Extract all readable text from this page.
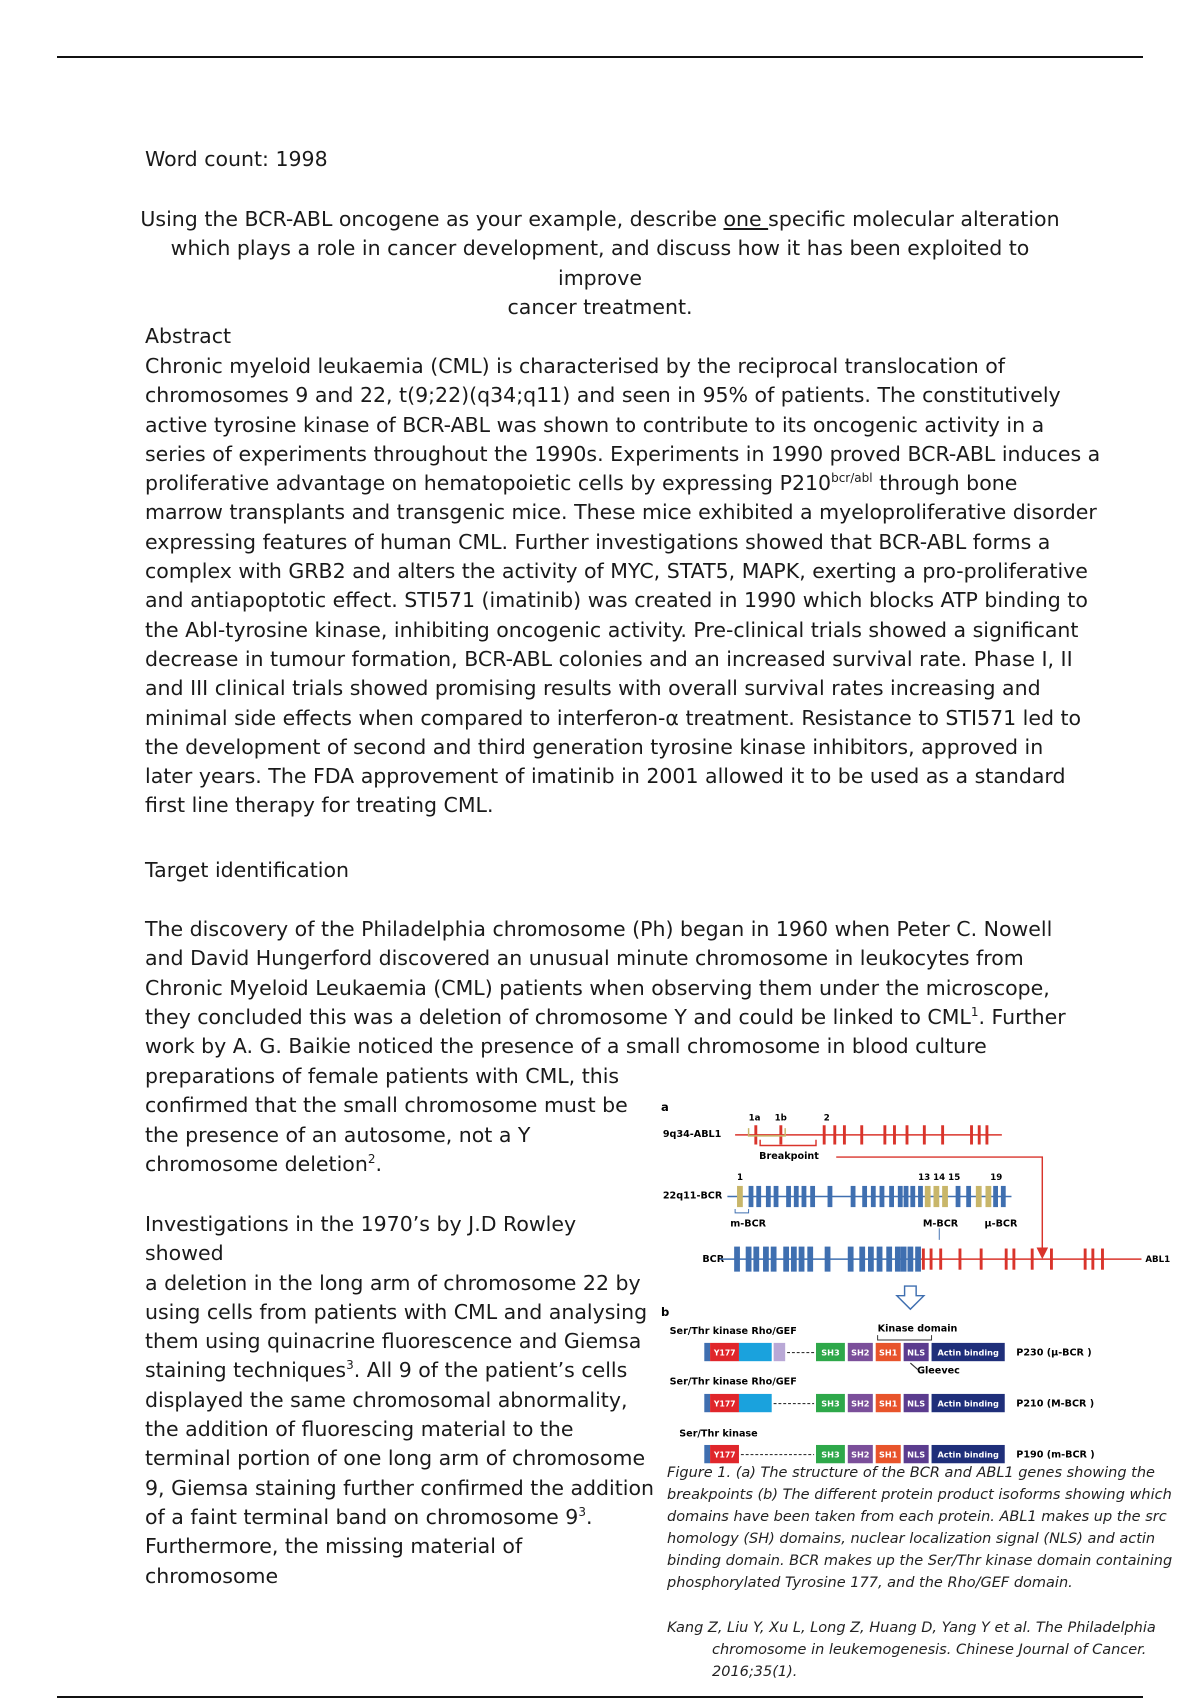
Word count: 1998
Using the BCR-ABL oncogene as your example, describe one specific molecular alteration
which plays a role in cancer development, and discuss how it has been exploited to improve
cancer treatment.
Abstract
Chronic myeloid leukaemia (CML) is characterised by the reciprocal translocation of
chromosomes 9 and 22, t(9;22)(q34;q11) and seen in 95% of patients. The constitutively
active tyrosine kinase of BCR-ABL was shown to contribute to its oncogenic activity in a
series of experiments throughout the 1990s. Experiments in 1990 proved BCR-ABL induces a
proliferative advantage on hematopoietic cells by expressing $P210^{bcr/abl}$ through bone
marrow transplants and transgenic mice. These mice exhibited a myeloproliferative disorder
expressing features of human CML. Further investigations showed that BCR-ABL forms a
complex with GRB2 and alters the activity of MYC, STAT5, MAPK, exerting a pro-proliferative
and antiapoptotic effect. STI571 (imatinib) was created in 1990 which blocks ATP binding to
the Abl-tyrosine kinase, inhibiting oncogenic activity. Pre-clinical trials showed a significant
decrease in tumour formation, BCR-ABL colonies and an increased survival rate. Phase I, II
and III clinical trials showed promising results with overall survival rates increasing and
minimal side effects when compared to interferon-α treatment. Resistance to STI571 led to
the development of second and third generation tyrosine kinase inhibitors, approved in
later years. The FDA approvement of imatinib in 2001 allowed it to be used as a standard
first line therapy for treating CML.
Target identification
The discovery of the Philadelphia chromosome (Ph) began in 1960 when Peter C. Nowell
and David Hungerford discovered an unusual minute chromosome in leukocytes from
Chronic Myeloid Leukaemia (CML) patients when observing them under the microscope,
they concluded this was a deletion of chromosome Y and could be linked to CML$^1$. Further
work by A. G. Baikie noticed the presence of a small chromosome in blood culture
preparations of female patients with CML, this
confirmed that the small chromosome must be
the presence of an autosome, not a Y
chromosome deletion$^2$.
Investigations in the 1970’s by J.D Rowley showed
a deletion in the long arm of chromosome 22 by
using cells from patients with CML and analysing
them using quinacrine fluorescence and Giemsa
staining techniques$^3$. All 9 of the patient’s cells
displayed the same chromosomal abnormality,
the addition of fluorescing material to the
terminal portion of one long arm of chromosome
9, Giemsa staining further confirmed the addition
of a faint terminal band on chromosome $9^3$.
Furthermore, the missing material of chromosome
a
9q34-ABL1
1a 1b	2
Breakpoint
22q11-BCR
1	13 14 15	19
m-BCR	M-BCR	μ-BCR
BCR	ABL1
b
Ser/Thr kinase Rho/GEF	Kinase domain
Y177	SH3 SH2 SH1 NLS Actin binding P230 (μ-BCR )
Gleevec
Ser/Thr kinase Rho/GEF
Y177	SH3 SH2 SH1 NLS Actin binding P210 (M-BCR )
Ser/Thr kinase
Y177	SH3 SH2 SH1 NLS Actin binding P190 (m-BCR )
Figure 1. (a) The structure of the BCR and ABL1 genes showing the
breakpoints (b) The different protein product isoforms showing which
domains have been taken from each protein. ABL1 makes up the src
homology (SH) domains, nuclear localization signal (NLS) and actin
binding domain. BCR makes up the Ser/Thr kinase domain containing
phosphorylated Tyrosine 177, and the Rho/GEF domain.
Kang Z, Liu Y, Xu L, Long Z, Huang D, Yang Y et al. The Philadelphia
chromosome in leukemogenesis. Chinese Journal of Cancer.
2016;35(1).
